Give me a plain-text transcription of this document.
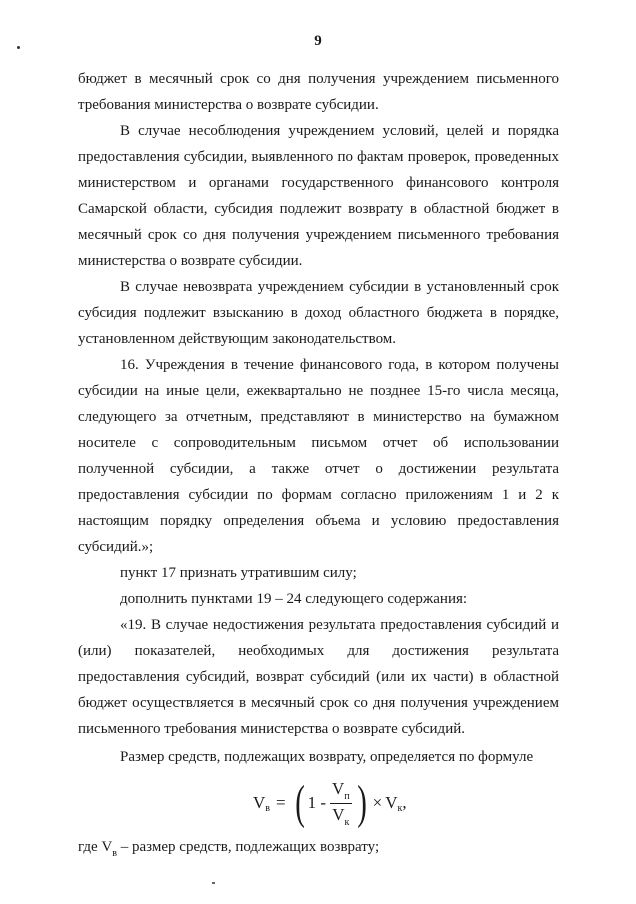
9

бюджет в месячный срок со дня получения учреждением письменного требования министерства о возврате субсидии.

В случае несоблюдения учреждением условий, целей и порядка предоставления субсидии, выявленного по фактам проверок, проведенных министерством и органами государственного финансового контроля Самарской области, субсидия подлежит возврату в областной бюджет в месячный срок со дня получения учреждением письменного требования министерства о возврате субсидии.

В случае невозврата учреждением субсидии в установленный срок субсидия подлежит взысканию в доход областного бюджета в порядке, установленном действующим законодательством.

16. Учреждения в течение финансового года, в котором получены субсидии на иные цели, ежеквартально не позднее 15-го числа месяца, следующего за отчетным, представляют в министерство на бумажном носителе с сопроводительным письмом отчет об использовании полученной субсидии, а также отчет о достижении результата предоставления субсидии по формам согласно приложениям 1 и 2 к настоящим порядку определения объема и условию предоставления субсидий.»;

пункт 17 признать утратившим силу;

дополнить пунктами 19 – 24 следующего содержания:

«19. В случае недостижения результата предоставления субсидий и (или) показателей, необходимых для достижения результата предоставления субсидий, возврат субсидий (или их части) в областной бюджет осуществляется в месячный срок со дня получения учреждением письменного требования министерства о возврате субсидий.

Размер средств, подлежащих возврату, определяется по формуле

V в = ( $1 - \frac{V_п}{V_к}$ ) × V к ,

где $V_в$ – размер средств, подлежащих возврату;
